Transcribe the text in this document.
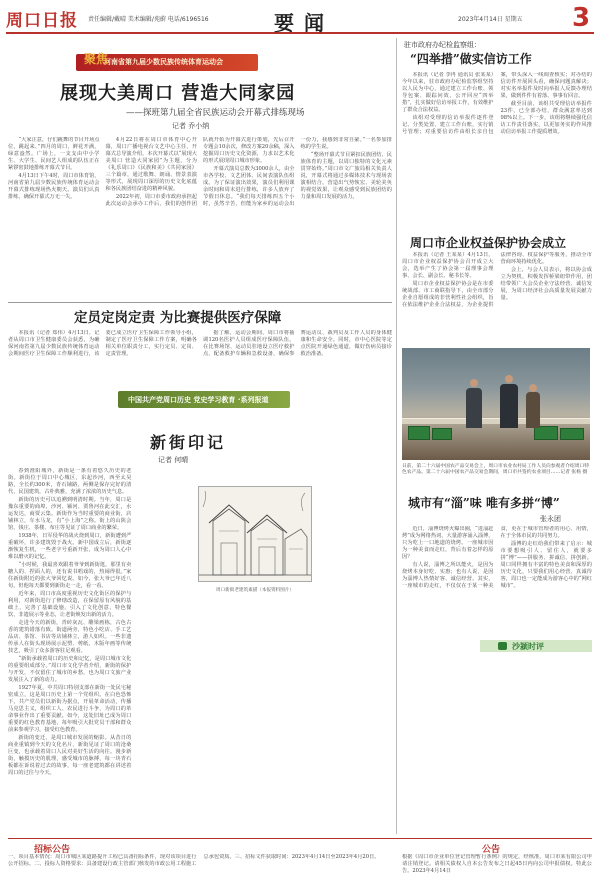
周口日报 责任编辑/戴晴 美术编辑/苑蔚 电话/6196516	要闻	2023年4月14日 星期五 3
河南省第九届少数民族传统体育运动会
聚焦
展现大美周口 营造大同家园
——探班第九届全省民族运动会开幕式排练现场
记者 乔小纳

“大家注意，仔们跳舞的节目开场点位，跳起来、”四月的周口，鲜花开满，绿意盎然。广场上，一支支由中小学生、大学生、民间艺人组成的队伍正在紧锣密鼓地排练开幕式节目。

4月13日下午4时，周口市体育馆，河南省第九届少数民族传统体育运动会开幕式排练现场热火朝天。演员们认真排练，确保开幕式万无一失。

4月22日将在周口市体育中心开幕，周口广播电视台文艺中心主任、开幕式总导演介绍，本次开幕式以“展现大美周口 营造大同家园”为主题，分为《礼乐周口》《民族和美》《共同家园》三个篇章，通过歌舞、朗诵、情景表演等形式，展现周口深厚的历史文化底蕴和各民族团结奋进的精神风貌。

2022年初，周口市委市政府承担起此次运动会承办工作后，我们的创作团队就开始为开幕式进行策划，先后召开专题会10余次，修改方案20余稿，深入挖掘周口历史文化资源，力求以艺术化的形式展现周口城市形象。

开幕式演员总数为3000余人，由全市各学校、文艺团体、民间表演队伍组成。为了保证演出效果，演员们利用课余时间和周末进行排练，许多人放弃了节假日休息。“我们每天排练四五个小时，虽然辛苦，但能为家乡的运动会出一份力，我感到非常自豪。”一名参加排练的学生说。

“整场开幕式节目紧扣民族团结、民族体育的主题，以周口独特的文化元素贯穿始终。”周口市文广旅局相关负责人说，开幕式将通过多媒体技术与现场表演相结合，营造出气势恢宏、美轮美奂的视觉效果，让观众感受到民族团结的力量和周口发展的活力。

定员定岗定责 为比赛提供医疗保障

本报讯（记者 郑伟）4月13日，记者从周口市卫生健康委员会获悉，为确保河南省第九届少数民族传统体育运动会期间医疗卫生保障工作顺利进行，该委已成立医疗卫生保障工作领导小组，制定了医疗卫生保障工作方案，明确各相关单位职责分工，实行定员、定岗、定责管理。

据了解，运动会期间，周口市将抽调120名医护人员组成医疗保障队伍，在比赛场馆、运动员驻地设立医疗救护点，配备救护车辆和急救设备，确保参赛运动员、裁判员及工作人员的身体健康和生命安全。同时，市中心医院等定点医院开通绿色通道，做好伤病员接诊救治准备。

中国共产党周口历史 党史学习教育 ·系列报道
新街印记
记者 何晴

春到淮阳城外，新街是一条有着悠久历史的老街。新街位于周口中心城区，东起沙河，西至太昊路，全长约300米，青石铺路，两侧是保存完好的清代、民国建筑，古朴典雅，充满了浓浓的历史气息。

新街的历史可以追溯到明清时期。当年，周口是豫东重要的商埠，沙河、颍河、贾鲁河在此交汇，水运发达，商贾云集。新街作为当时重要的商业街，店铺林立，车水马龙，有“小上海”之称。街上的山陕会馆、钱庄、茶楼、布庄等见证了周口商业的繁荣。

1938年，日军侵华的战火烧到周口，新街遭到严重破坏，许多建筑毁于战火。新中国成立后，新街逐渐恢复生机，一些老字号重新开张，成为周口人心中难以磨灭的记忆。

“小时候，我最喜欢跟着爷爷到新街逛，那里有卖糖人的、捏面人的，还有说书唱戏的，热闹得很。”家住新街附近的张大爷回忆说。如今，张大爷已年近八旬，但他每天都要到新街走一走，看一看。

近年来，周口市高度重视历史文化街区的保护与利用，对新街进行了修缮改造，在保留原有风貌的基础上，完善了基础设施，引入了文化创意、特色餐饮、非遗展示等业态，让老街焕发出新的活力。

走进今天的新街，青砖灰瓦、雕梁画栋，古色古香的建筑错落有致。街道两旁，特色小吃店、手工艺品店、茶馆、书店等店铺林立，游人如织。一些非遗传承人在街头现场展示泥塑、剪纸、木版年画等传统技艺，吸引了众多游客驻足观看。

“新街承载着周口的历史和记忆，是周口城市文化的重要组成部分。”周口市文化学者介绍，新街的保护与开发，不仅留住了城市的乡愁，也为周口文旅产业发展注入了新的动力。

1927年夏，中共周口特别支部在新街一处民宅秘密成立，这是周口历史上第一个党组织。在白色恐怖下，共产党员们以新街为据点，开展革命活动，传播马克思主义，组织工人、农民进行斗争，为周口的革命事业作出了重要贡献。如今，这处旧址已成为周口重要的红色教育基地，每年吸引大批党员干部和群众前来参观学习，接受红色教育。

新街的变迁，是周口城市发展的缩影。从昔日的商业重镇到今天的文化名片，新街见证了周口的沧桑巨变，也承载着周口人民对美好生活的向往。漫步新街，触摸历史的肌理，感受城市的脉搏，每一块青石板都在诉说着过去的故事，每一座老建筑都在讲述着周口的过往与今天。

周口新街老建筑素描（本报资料图片）
招标公告
一、项目基本情况：周口市城区某道路提升工程已具备招标条件，现对该项目进行公开招标。二、投标人资格要求：具备建设行政主管部门核发的市政公用工程施工总承包资质。三、招标文件获取时间：2023年4月14日至2023年4月20日。
公告
根据《周口市企业单位登记管理暂行条例》的规定，经核准，周口市某有限公司申请注销登记。请相关债权人自本公告发布之日起45日内向公司申报债权。特此公告。2023年4月14日
驻市政府办纪检监察组：
“四举措”做实信访工作

本报讯（记者 李冉 通讯员 张某某）今年以来，驻市政府办纪检监察组坚持以人民为中心，通过建立工作台账、领导包案、跟踪问效、公开回应“四举措”，扎实做好信访举报工作，有效维护了群众合法权益。

该组对受理的信访举报件逐件登记、分类处置，建立工作台账，实行销号管理；对重要信访件由组长亲自包案，带头深入一线调查核实；对办结的信访件开展回头看，确保问题真解决；对实名举报件及时向举报人反馈办理结果，做到件件有着落、事事有回音。

截至目前，该组共受理信访举报件23件，已全部办结，群众满意率达到98%以上。下一步，该组将继续强化信访工作责任落实，以更加务实的作风推动信访举报工作提质增效。

周口市企业权益保护协会成立

本报讯（记者 王某某）4月13日，周口市企业权益保护协会召开成立大会，选举产生了协会第一届理事会理事、会长、副会长、秘书长等。

周口市企业权益保护协会是在市委统战部、市工商联指导下，由全市部分企业自愿组成的非营利性社会组织，旨在依法维护企业合法权益，为企业提供法律咨询、权益保护等服务，推动全市营商环境持续优化。

会上，与会人员表示，将以协会成立为契机，积极发挥桥梁纽带作用，团结带领广大会员企业守法经营、诚信发展，为周口经济社会高质量发展贡献力量。

日前，第二十六届中国农产品交易会上，周口市农业农村局工作人员向参观者介绍周口特色农产品。第二十六届中国农产品交易会期间，周口市共签约农业项目……记者 张杨 摄
城市有“淄”味 唯有多拼“博”
张永团

近日，淄博烧烤火爆出圈，“进淄赶烤”成为网络热词，大量游客涌入淄博，只为吃上一口地道的烧烤。一座城市因为一种美食而走红，背后有着怎样的原因？

有人说，淄博之所以能火，是因为烧烤本身好吃、实惠；也有人说，是因为淄博人热情好客、诚信经营。其实，一座城市的走红，不仅仅在于某一种美食，更在于城市管理者的用心、用情，在于全体市民的共同努力。

淄博的走红给我们带来了启示：城市要想吸引人、留住人，就要多拼“博”——拼服务、拼诚信、拼创新。周口同样拥有丰富的特色美食和深厚的历史文化，只要我们用心经营、真诚待客，周口也一定能成为游客心中的“网红城市”。

沙颍时评
